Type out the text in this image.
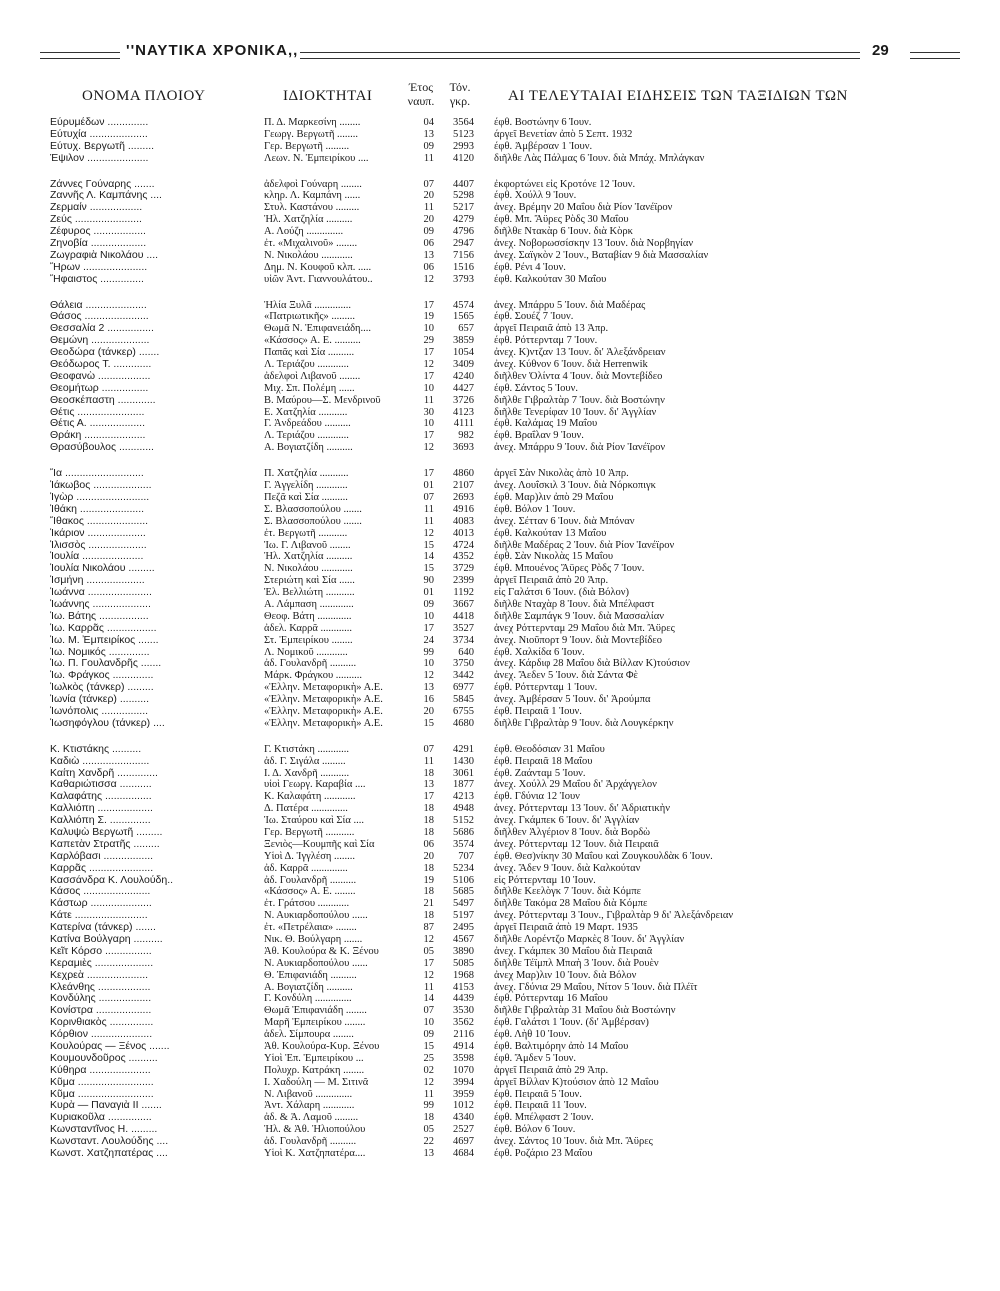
''ΝΑΥΤΙΚΑ ΧΡΟΝΙΚΑ,,	29
ΟΝΟΜΑ ΠΛΟΙΟΥ	ΙΔΙΟΚΤΗΤΑΙ
Έτος
ναυπ.
Τόν.
γκρ.	ΑΙ ΤΕΛΕΥΤΑΙΑΙ ΕΙΔΗΣΕΙΣ ΤΩΝ ΤΑΞΙΔΙΩΝ ΤΩΝ
Εύρυμέδων ..............	Π. Δ. Μαρκεσίνη ........	04	3564 έφθ. Βοστώνην 6 Ίουν.
Εύτυχία ....................	Γεωργ. Βεργωτῆ ........	13	5123 άργεῖ Βενετίαν ἀπὸ 5 Σεπτ. 1932
Εύτυχ. Βεργωτῆ .........	Γερ. Βεργωτῆ .........	09	2993 έφθ. Ἀμβέρσαν 1 Ἰουν.
Έψιλον .....................	Λεων. Ν. Ἐμπειρίκου ....	11	4120 διῆλθε Λὰς Πάλμας 6 Ἰουν. διὰ Μπάχ. Μπλάγκαν
Ζάννες Γούναρης .......	ἀδελφοὶ Γούναρη ........	07	4407 ἐκφορτώνει εἰς Κροτόνε 12 Ἰουν.
Ζαννῆς Λ. Καμπάνης ....	κληρ. Λ. Καμπάνη ......	20	5298 έφθ. Χούλλ 9 Ἰουν.
Ζερμαίν ..................	Στυλ. Καστάνου .........	11	5217 ἀνεχ. Βρέμην 20 Μαΐου διὰ Ρίον Ἰανέϊρον
Ζεύς .......................	Ἠλ. Χατζηλία ..........	20	4279 έφθ. Μπ. Ἄϋρες Ρὸδς 30 Μαΐου
Ζέφυρος ..................	Α. Λούζη ..............	09	4796 διῆλθε Ντακὰρ 6 Ἰουν. διὰ Κὸρκ
Ζηνοβία ...................	ἐτ. «Μιχαλινοῦ» ........	06	2947 ἀνεχ. Νοβορωσσίσκην 13 Ἰουν. διὰ Νορβηγίαν
Ζωγραφιὰ Νικολάου ....	Ν. Νικολάου ............	13	7156 ἀνεχ. Σαϊγκὸν 2 Ἰουν., Βαταβίαν 9 διὰ Μασσαλίαν
Ἥρων ......................	Δημ. Ν. Κουφοῦ κλπ. .....	06	1516 έφθ. Ρένι 4 Ἰουν.
Ἥφαιστος ...............	υἱῶν Ἀντ. Γιαννουλάτου..	12	3793 έφθ. Καλκούταν 30 Μαΐου
Θάλεια .....................	Ἠλία Ξυλᾶ ..............	17	4574 ἀνεχ. Μπάρρυ 5 Ἰουν. διὰ Μαδέρας
Θάσος ......................	«Πατριωτικῆς» .........	19	1565 έφθ. Σουέζ 7 Ἰουν.
Θεσσαλία 2 ................	Θωμᾶ Ν. Ἐπιφανειάδη....	10	657 ἀργεῖ Πειραιᾶ ἀπὸ 13 Ἀπρ.
Θεμώνη ....................	«Κάσσος» Α. Ε. ..........	29	3859 έφθ. Ρόττερνταμ 7 Ἰουν.
Θεοδώρα (τάνκερ) .......	Παπᾶς καὶ Σία ..........	17	1054 ἀνεχ. Κ)ντζαν 13 Ἰουν. δι' Ἀλεξάνδρειαν
Θεόδωρος Τ. .............	Λ. Τεριάζου ............	12	3409 ἀνεχ. Κύθνον 6 Ἰουν. διὰ Herrenwik
Θεοφανὼ ..................	ἀδελφοὶ Λιβανοῦ ........	17	4240 διῆλθεν Ὀλίντα 4 Ἰουν. διὰ Μοντεβίδεο
Θεομήτωρ ................	Μιχ. Σπ. Πολέμη ......	10	4427 έφθ. Σάντος 5 Ἰουν.
Θεοσκέπαστη .............	Β. Μαύρου—Σ. Μενδρινοῦ	11	3726 διῆλθε Γιβραλτὰρ 7 Ἰουν. διὰ Βοστώνην
Θέτις .......................	Ε. Χατζηλία ...........	30	4123 διῆλθε Τενερίφαν 10 Ἰουν. δι' Ἀγγλίαν
Θέτις Α. ...................	Γ. Ἀνδρεάδου ..........	10	4111 έφθ. Καλάμας 19 Μαΐου
Θράκη .....................	Λ. Τεριάζου ............	17	982 έφθ. Βραΐλαν 9 Ἰουν.
Θρασύβουλος ............	Α. Βογιατζίδη ..........	12	3693 ἀνεχ. Μπάρρυ 9 Ἰουν. διὰ Ρίον Ἰανέϊρον
Ἴα ...........................	Π. Χατζηλία ...........	17	4860 ἀργεῖ Σὰν Νικολὰς ἀπὸ 10 Ἀπρ.
Ἰάκωβος ....................	Γ. Ἀγγελίδη ............	01	2107 ἀνεχ. Λουΐσκιλ 3 Ἰουν. διὰ Νόρκοπιγκ
Ἰγὼρ .........................	Πεζᾶ καὶ Σία ..........	07	2693 έφθ. Μαρ)λιν ἀπὸ 29 Μαΐου
Ἰθάκη ......................	Σ. Βλασσοπούλου .......	11	4916 έφθ. Βόλον 1 Ἰουν.
Ἴθακος .....................	Σ. Βλασσοπούλου .......	11	4083 ἀνεχ. Σέτταν 6 Ἰουν. διὰ Μπόναν
Ἰκάριον ....................	ἐτ. Βεργωτῆ ...........	12	4013 έφθ. Καλκούταν 13 Μαΐου
Ἰλισσὸς ....................	Ἰω. Γ. Λιβανοῦ ........	15	4724 διῆλθε Μαδέρας 2 Ἰουν. διὰ Ρίον Ἰανέϊρον
Ἰουλία .....................	Ἠλ. Χατζηλία ..........	14	4352 έφθ. Σὰν Νικολὰς 15 Μαΐου
Ἰουλία Νικολάου .........	Ν. Νικολάου ............	15	3729 έφθ. Μπουένος Ἄϋρες Ρὸδς 7 Ἰουν.
Ἰσμήνη ....................	Στεριώτη καὶ Σία ......	90	2399 ἀργεῖ Πειραιᾶ ἀπὸ 20 Ἀπρ.
Ἰωάννα ......................	Ἐλ. Βελλιώτη ...........	01	1192 εἰς Γαλάτσι 6 Ἰουν. (διὰ Βόλον)
Ἰωάννης ....................	Α. Λάμπαση .............	09	3667 διῆλθε Νταχὰρ 8 Ἰουν. διὰ Μπέλφαστ
Ἰω. Βάτης .................	Θεοφ. Βάτη .............	10	4418 διῆλθε Σαμπάγκ 9 Ἰουν. διὰ Μασσαλίαν
Ἰω. Καρρᾶς .................	ἀδελ. Καρρᾶ ............	17	3527 ἀνεχ Ρόττερνταμ 29 Μαΐου διὰ Μπ. Ἄϋρες
Ἰω. Μ. Ἐμπειρίκος .......	Στ. Ἐμπειρίκου ........	24	3734 ἀνεχ. Νιοῦπορτ 9 Ἰουν. διὰ Μοντεβίδεο
Ἰω. Νομικός ..............	Λ. Νομικοῦ ............	99	640 έφθ. Χαλκίδα 6 Ἰουν.
Ἰω. Π. Γουλανδρῆς .......	ἀδ. Γουλανδρῆ ..........	10	3750 ἀνεχ. Κάρδιφ 28 Μαΐου διὰ Βίλλαν Κ)τούσιον
Ἰω. Φράγκος ..............	Μάρκ. Φράγκου ..........	12	3442 ἀνεχ. Ἄεδεν 5 Ἰουν. διὰ Σάντα Φὲ
Ἰωλκὸς (τάνκερ) .........	«Ἑλλην. Μεταφορικὴ» Α.Ε.	13	6977 έφθ. Ρόττερνταμ 1 Ἰουν.
Ἰωνία (τάνκερ) ..........	«Ἑλλην. Μεταφορικὴ» Α.Ε.	16	5845 ἀνεχ. Ἀμβέρσαν 5 Ἰουν. δι' Ἀρούμπα
Ἰωνόπολις ................	«Ἑλλην. Μεταφορικὴ» Α.Ε.	20	6755 έφθ. Πειραιᾶ 1 Ἰουν.
Ἰωσηφόγλου (τάνκερ) ....	«Ἑλλην. Μεταφορικὴ» Α.Ε.	15	4680 διῆλθε Γιβραλτὰρ 9 Ἰουν. διὰ Λουγκέρκην
Κ. Κτιστάκης ..........	Γ. Κτιστάκη ............	07	4291 έφθ. Θεοδόσιαν 31 Μαΐου
Καδιὼ .......................	ἀδ. Γ. Σιγάλα .........	11	1430 έφθ. Πειραιᾶ 18 Μαΐου
Καίτη Χανδρῆ ..............	Ι. Δ. Χανδρῆ ...........	18	3061 έφθ. Ζαάνταμ 5 Ἰουν.
Καθαριώτισσα ...........	υἱοὶ Γεωργ. Καραβία ....	13	1877 ἀνεχ. Χούλλ 29 Μαΐου δι' Ἀρχάγγελον
Καλαφάτης ................	Κ. Καλαφάτη ............	17	4213 έφθ. Γδύνια 12 Ἰουν
Καλλιόπη ...................	Δ. Πατέρα ..............	18	4948 ἀνεχ. Ρόττερνταμ 13 Ἰουν. δι' Ἀδριατικὴν
Καλλιόπη Σ. ..............	Ἰω. Σταύρου καὶ Σία ....	18	5152 ἀνεχ. Γκάμπεκ 6 Ἰουν. δι' Ἀγγλίαν
Καλυψὼ Βεργωτῆ .........	Γερ. Βεργωτῆ ...........	18	5686 διῆλθεν Ἀλγέριον 8 Ἰουν. διὰ Βορδὼ
Καπετὰν Στρατῆς .........	Ξενιὸς—Κουμπῆς καὶ Σία	06	3574 ἀνεχ. Ρόττερνταμ 12 Ἰουν. διὰ Πειραιᾶ
Καρλόβασι .................	Υἱοὶ Δ. Ἰγγλέση ........	20	707 έφθ. Θεσ)νίκην 30 Μαΐου καὶ Ζουγκουλδὰκ 6 Ἰουν.
Καρρᾶς ......................	ἀδ. Καρρᾶ ..............	18	5234 ἀνεχ. Ἄδεν 9 Ἰουν. διὰ Καλκούταν
Κασσάνδρα Κ. Λουλούδη..	ἀδ. Γουλανδρῆ ..........	19	5106 εἰς Ρόττερνταμ 10 Ἰουν.
Κάσος .......................	«Κάσσος» Α. Ε. ........	18	5685 διῆλθε Κεελὸγκ 7 Ἰουν. διὰ Κόμπε
Κάστωρ .....................	ἐτ. Γράτσου ............	21	5497 διῆλθε Τακόμα 28 Μαΐου διὰ Κόμπε
Κάτε .........................	Ν. Αυκιαρδοπούλου ......	18	5197 ἀνεχ. Ρόττερνταμ 3 Ἰουν., Γιβραλτὰρ 9 δι' Ἀλεξάνδρειαν
Κατερίνα (τάνκερ) .......	ἐτ. «Πετρέλαια» ........	87	2495 ἀργεῖ Πειραιᾶ ἀπὸ 19 Μαρτ. 1935
Κατίνα Βούλγαρη ..........	Νικ. Θ. Βούλγαρη .......	12	4567 διῆλθε Λορέντζο Μαρκὲς 8 Ἰουν. δι' Ἀγγλίαν
Κεῖτ Κόρσο ................	Ἀθ. Κουλούρα & Κ. Ξένου	05	3890 ἀνεχ. Γκάμπεκ 30 Μαΐου διὰ Πειραιᾶ
Κεραμιὲς ....................	Ν. Αυκιαρδοπούλου ......	17	5085 διῆλθε Τέϊμπλ Μπαὴ 3 Ἰουν. διὰ Ρουὲν
Κεχρεὰ .....................	Θ. Ἐπιφανιάδη ..........	12	1968 ἀνεχ Μαρ)λιν 10 Ἰουν. διὰ Βόλον
Κλεάνθης ..................	Α. Βογιατζίδη ..........	11	4153 ἀνεχ. Γδύνια 29 Μαΐου, Νίτον 5 Ἰουν. διὰ Πλέϊτ
Κονδύλης ..................	Γ. Κονδύλη ..............	14	4439 έφθ. Ρόττερνταμ 16 Μαΐου
Κονίστρα ...................	Θωμᾶ Ἐπιφανιάδη ........	07	3530 διῆλθε Γιβραλτὰρ 31 Μαΐου διὰ Βοστώνην
Κορινθιακὸς ...............	Μαρῆ Ἐμπειρίκου ........	10	3562 έφθ. Γαλάτσι 1 Ἰουν. (δι' Ἀμβέρσαν)
Κόρθιον .....................	ἀδελ. Σίμπουρα ........	09	2116 έφθ. Λὴθ 10 Ἰουν.
Κουλούρας — Ξένος .......	Ἀθ. Κουλούρα-Κυρ. Ξένου	15	4914 έφθ. Βαλτιμόρην ἀπὸ 14 Μαΐου
Κουμουνδοῦρος ..........	Υἱοὶ Ἐπ. Ἐμπειρίκου ...	25	3598 έφθ. Ἄμδεν 5 Ἰουν.
Κύθηρα .....................	Πολυχρ. Κατράκη ........	02	1070 ἀργεῖ Πειραιᾶ ἀπὸ 29 Ἀπρ.
Κῦμα ..........................	Ι. Χαδούλη — Μ. Σιτινᾶ	12	3994 ἀργεῖ Βίλλαν Κ)τούσιον ἀπὸ 12 Μαΐου
Κῦμα ..........................	Ν. Λιβανοῦ ..............	11	3959 έφθ. Πειραιᾶ 5 Ἰουν.
Κυρὰ — Παναγιὰ ΙΙ .......	Ἀντ. Χάλαρη ............	99	1012 έφθ. Πειραιᾶ 11 Ἰουν.
Κυριακοῦλα ...............	ἀδ. & Ἀ. Λαμοῦ .........	18	4340 έφθ. Μπέλφαστ 2 Ἰουν.
Κωνσταντῖνος Η. .........	Ἠλ. & Ἀθ. Ἠλιοπούλου	05	2527 έφθ. Βόλον 6 Ἰουν.
Κωνσταντ. Λουλούδης ....	ἀδ. Γουλανδρῆ ..........	22	4697 ἀνεχ. Σάντος 10 Ἰουν. διὰ Μπ. Ἄϋρες
Κωνστ. Χατζηπατέρας ....	Υἱοὶ Κ. Χατζηπατέρα....	13	4684 έφθ. Ροζάριο 23 Μαΐου
